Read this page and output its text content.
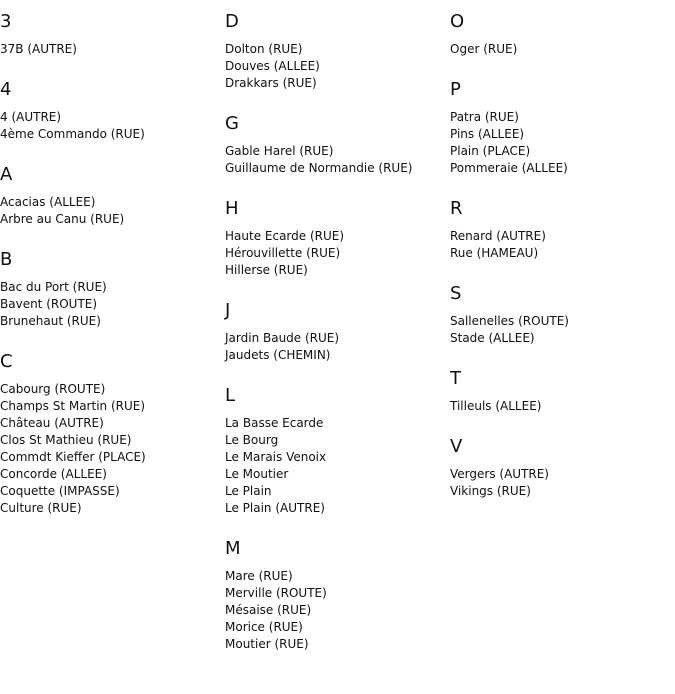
3
37B (AUTRE)
4
4 (AUTRE)
4ème Commando (RUE)
A
Acacias (ALLEE)
Arbre au Canu (RUE)
B
Bac du Port (RUE)
Bavent (ROUTE)
Brunehaut (RUE)
C
Cabourg (ROUTE)
Champs St Martin (RUE)
Château (AUTRE)
Clos St Mathieu (RUE)
Commdt Kieffer (PLACE)
Concorde (ALLEE)
Coquette (IMPASSE)
Culture (RUE)
D
Dolton (RUE)
Douves (ALLEE)
Drakkars (RUE)
G
Gable Harel (RUE)
Guillaume de Normandie (RUE)
H
Haute Ecarde (RUE)
Hérouvillette (RUE)
Hillerse (RUE)
J
Jardin Baude (RUE)
Jaudets (CHEMIN)
L
La Basse Ecarde
Le Bourg
Le Marais Venoix
Le Moutier
Le Plain
Le Plain (AUTRE)
M
Mare (RUE)
Merville (ROUTE)
Mésaise (RUE)
Morice (RUE)
Moutier (RUE)
O
Oger (RUE)
P
Patra (RUE)
Pins (ALLEE)
Plain (PLACE)
Pommeraie (ALLEE)
R
Renard (AUTRE)
Rue (HAMEAU)
S
Sallenelles (ROUTE)
Stade (ALLEE)
T
Tilleuls (ALLEE)
V
Vergers (AUTRE)
Vikings (RUE)
